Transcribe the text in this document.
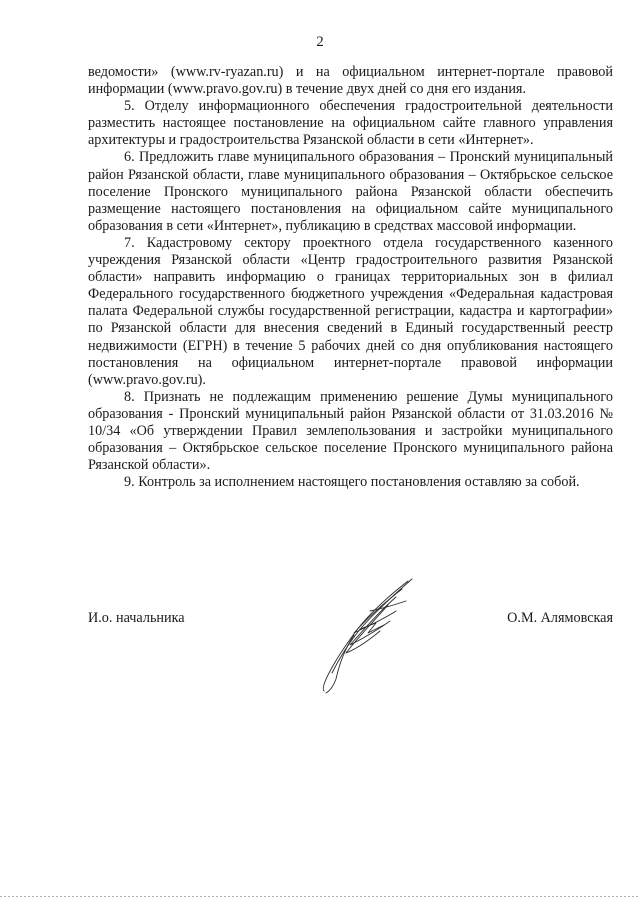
2

ведомости» (www.rv-ryazan.ru) и на официальном интернет-портале правовой информации (www.pravo.gov.ru) в течение двух дней со дня его издания.

5. Отделу информационного обеспечения градостроительной деятельности разместить настоящее постановление на официальном сайте главного управления архитектуры и градостроительства Рязанской области в сети «Интернет».

6. Предложить главе муниципального образования – Пронский муниципальный район Рязанской области, главе муниципального образования – Октябрьское сельское поселение Пронского муниципального района Рязанской области обеспечить размещение настоящего постановления на официальном сайте муниципального образования в сети «Интернет», публикацию в средствах массовой информации.

7. Кадастровому сектору проектного отдела государственного казенного учреждения Рязанской области «Центр градостроительного развития Рязанской области» направить информацию о границах территориальных зон в филиал Федерального государственного бюджетного учреждения «Федеральная кадастровая палата Федеральной службы государственной регистрации, кадастра и картографии» по Рязанской области для внесения сведений в Единый государственный реестр недвижимости (ЕГРН) в течение 5 рабочих дней со дня опубликования настоящего постановления на официальном интернет-портале правовой информации (www.pravo.gov.ru).

8. Признать не подлежащим применению решение Думы муниципального образования - Пронский муниципальный район Рязанской области от 31.03.2016 № 10/34 «Об утверждении Правил землепользования и застройки муниципального образования – Октябрьское сельское поселение Пронского муниципального района Рязанской области».

9. Контроль за исполнением настоящего постановления оставляю за собой.

И.о. начальника	О.М. Алямовская
